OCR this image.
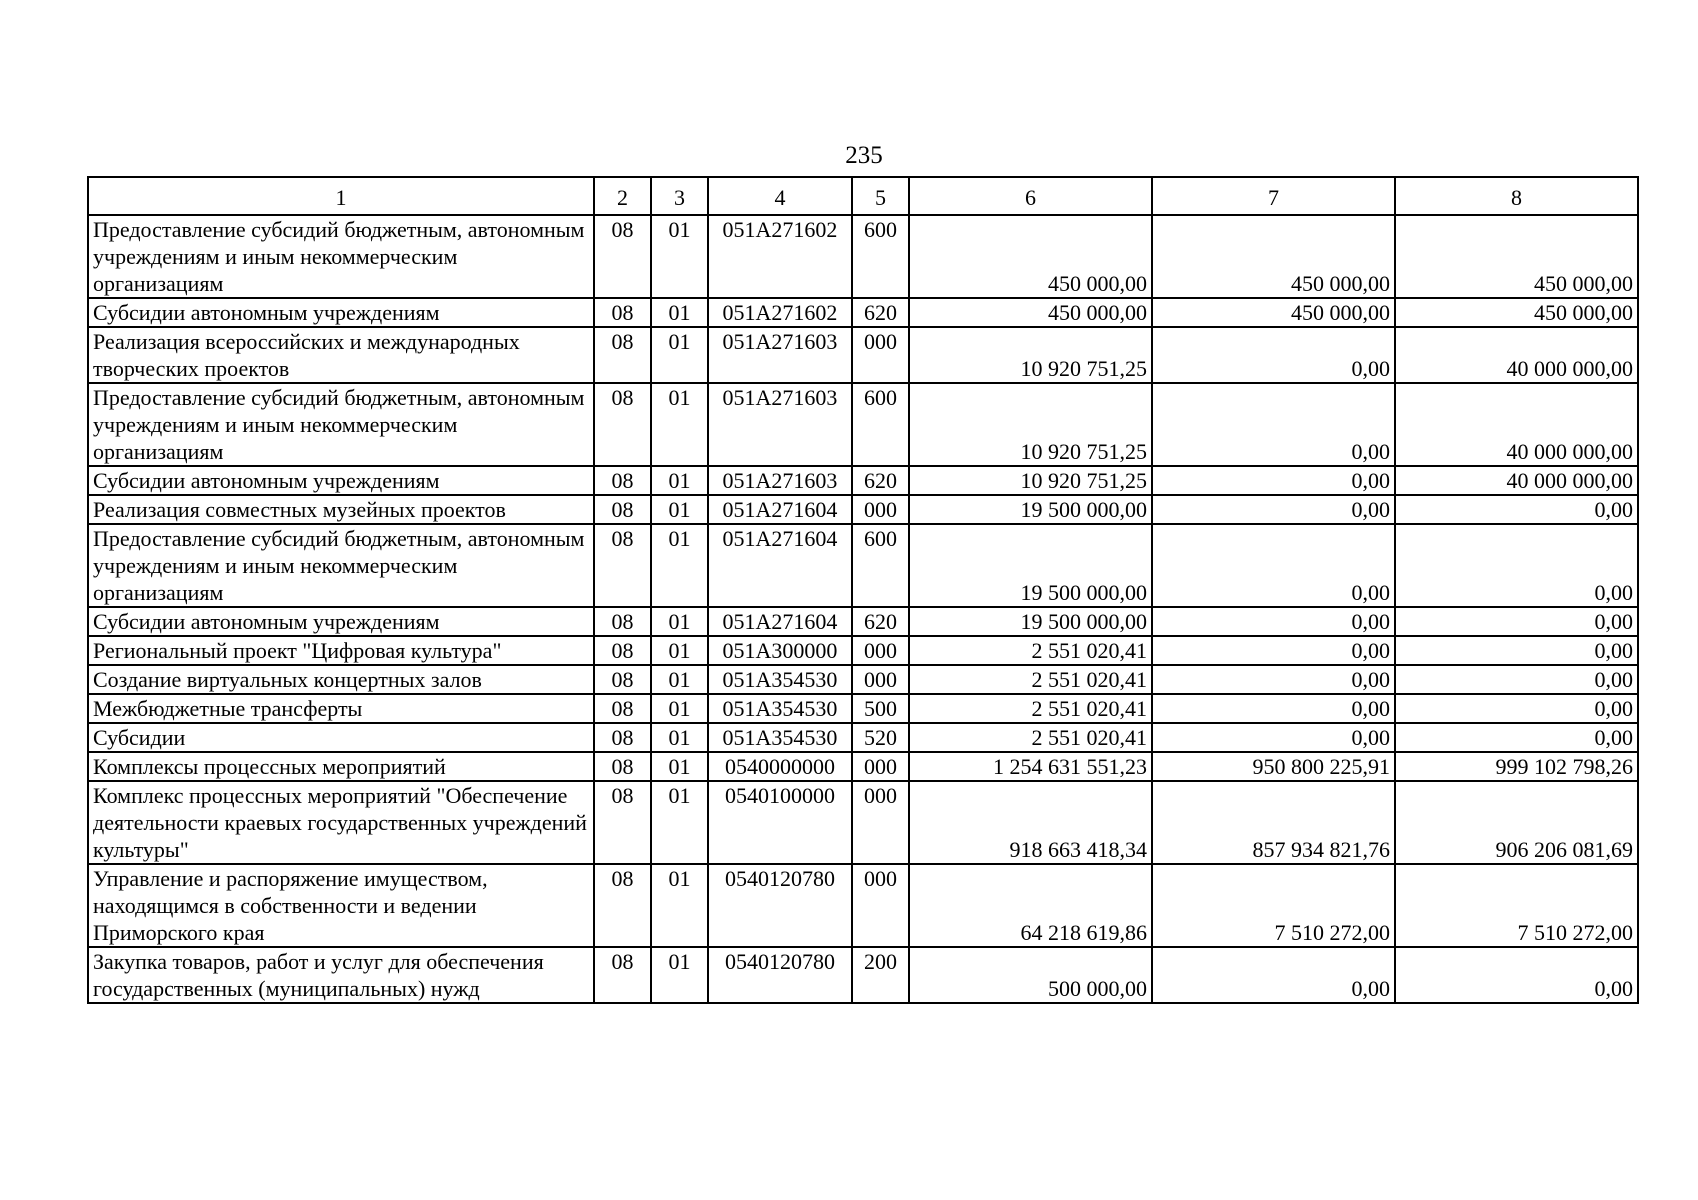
235
1	2	3	4	5	6	7	8
Предоставление субсидий бюджетным, автономным учреждениям и иным некоммерческим организациям	08	01	051A271602	600	450 000,00	450 000,00	450 000,00
Субсидии автономным учреждениям	08	01	051A271602	620	450 000,00	450 000,00	450 000,00
Реализация всероссийских и международных творческих проектов	08	01	051A271603	000	10 920 751,25	0,00	40 000 000,00
Предоставление субсидий бюджетным, автономным учреждениям и иным некоммерческим организациям	08	01	051A271603	600	10 920 751,25	0,00	40 000 000,00
Субсидии автономным учреждениям	08	01	051A271603	620	10 920 751,25	0,00	40 000 000,00
Реализация совместных музейных проектов	08	01	051A271604	000	19 500 000,00	0,00	0,00
Предоставление субсидий бюджетным, автономным учреждениям и иным некоммерческим организациям	08	01	051A271604	600	19 500 000,00	0,00	0,00
Субсидии автономным учреждениям	08	01	051A271604	620	19 500 000,00	0,00	0,00
Региональный проект "Цифровая культура"	08	01	051A300000	000	2 551 020,41	0,00	0,00
Создание виртуальных концертных залов	08	01	051A354530	000	2 551 020,41	0,00	0,00
Межбюджетные трансферты	08	01	051A354530	500	2 551 020,41	0,00	0,00
Субсидии	08	01	051A354530	520	2 551 020,41	0,00	0,00
Комплексы процессных мероприятий	08	01	0540000000	000	1 254 631 551,23	950 800 225,91	999 102 798,26
Комплекс процессных мероприятий "Обеспечение деятельности краевых государственных учреждений культуры"	08	01	0540100000	000	918 663 418,34	857 934 821,76	906 206 081,69
Управление и распоряжение имуществом, находящимся в собственности и ведении Приморского края	08	01	0540120780	000	64 218 619,86	7 510 272,00	7 510 272,00
Закупка товаров, работ и услуг для обеспечения государственных (муниципальных) нужд	08	01	0540120780	200	500 000,00	0,00	0,00
